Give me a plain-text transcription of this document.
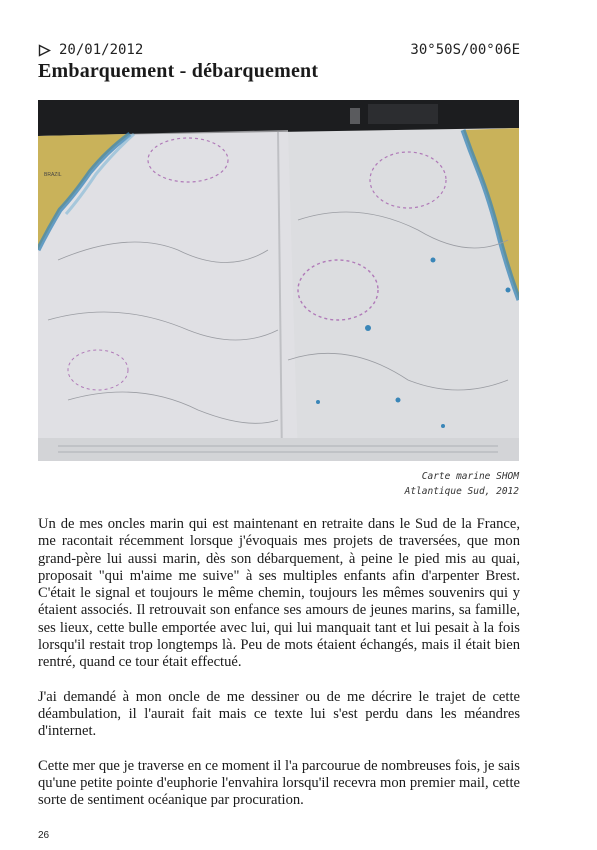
20/01/2012	30°50S/00°06E
Embarquement - débarquement
BRAZIL
Carte marine SHOM
Atlantique Sud, 2012

Un de mes oncles marin qui est maintenant en retraite dans le Sud de la France, me racontait récemment lorsque j'évoquais mes projets de traversées, que mon grand-père lui aussi marin, dès son débarquement, à peine le pied mis au quai, proposait "qui m'aime me suive" à ses multiples enfants afin d'arpenter Brest. C'était le signal et toujours le même chemin, toujours les mêmes souvenirs qui y étaient associés. Il retrouvait son enfance ses amours de jeunes marins, sa famille, ses lieux, cette bulle emportée avec lui, qui lui manquait tant et lui pesait à la fois lorsqu'il restait trop longtemps là. Peu de mots étaient échangés, mais il était bien rentré, quand ce tour était effectué.

J'ai demandé à mon oncle de me dessiner ou de me décrire le trajet de cette déambulation, il l'aurait fait mais ce texte lui s'est perdu dans les méandres d'internet.

Cette mer que je traverse en ce moment il l'a parcourue de nombreuses fois, je sais qu'une petite pointe d'euphorie l'envahira lorsqu'il recevra mon premier mail, cette sorte de sentiment océanique par procuration.

26
